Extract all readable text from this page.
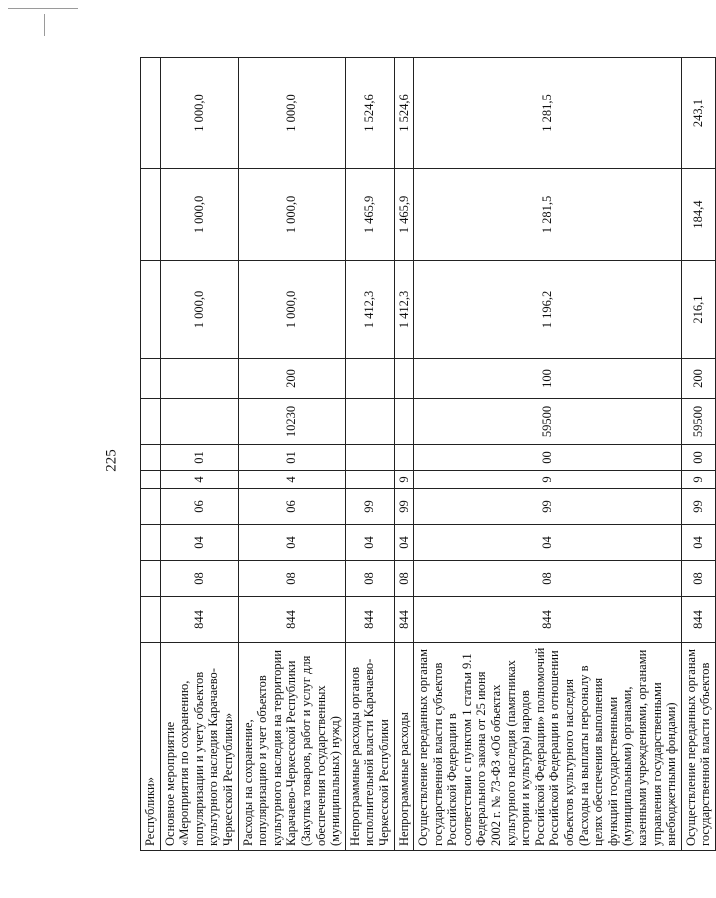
225
Республики»											
Основное мероприятие «Мероприятия по сохранению, популяризации и учету объектов культурного наследия Карачаево-Черкесской Республики»	844	08	04	06	4	01			1 000,0	1 000,0	1 000,0
Расходы на сохранение, популяризацию и учет объектов культурного наследия на территории Карачаево-Черкесской Республики (Закупка товаров, работ и услуг для обеспечения государственных (муниципальных) нужд)	844	08	04	06	4	01	10230	200	1 000,0	1 000,0	1 000,0
Непрограммные расходы органов исполнительной власти Карачаево-Черкесской Республики	844	08	04	99					1 412,3	1 465,9	1 524,6
Непрограммные расходы	844	08	04	99	9				1 412,3	1 465,9	1 524,6
Осуществление переданных органам государственной власти субъектов Российской Федерации в соответствии с пунктом 1 статьи 9.1 Федерального закона от 25 июня 2002 г. № 73-ФЗ «Об объектах культурного наследия (памятниках истории и культуры) народов Российской Федерации» полномочий Российской Федерации в отношении объектов культурного наследия (Расходы на выплаты персоналу в целях обеспечения выполнения функций государственными (муниципальными) органами, казенными учреждениями, органами управления государственными внебюджетными фондами)	844	08	04	99	9	00	59500	100	1 196,2	1 281,5	1 281,5
Осуществление переданных органам государственной власти субъектов	844	08	04	99	9	00	59500	200	216,1	184,4	243,1
